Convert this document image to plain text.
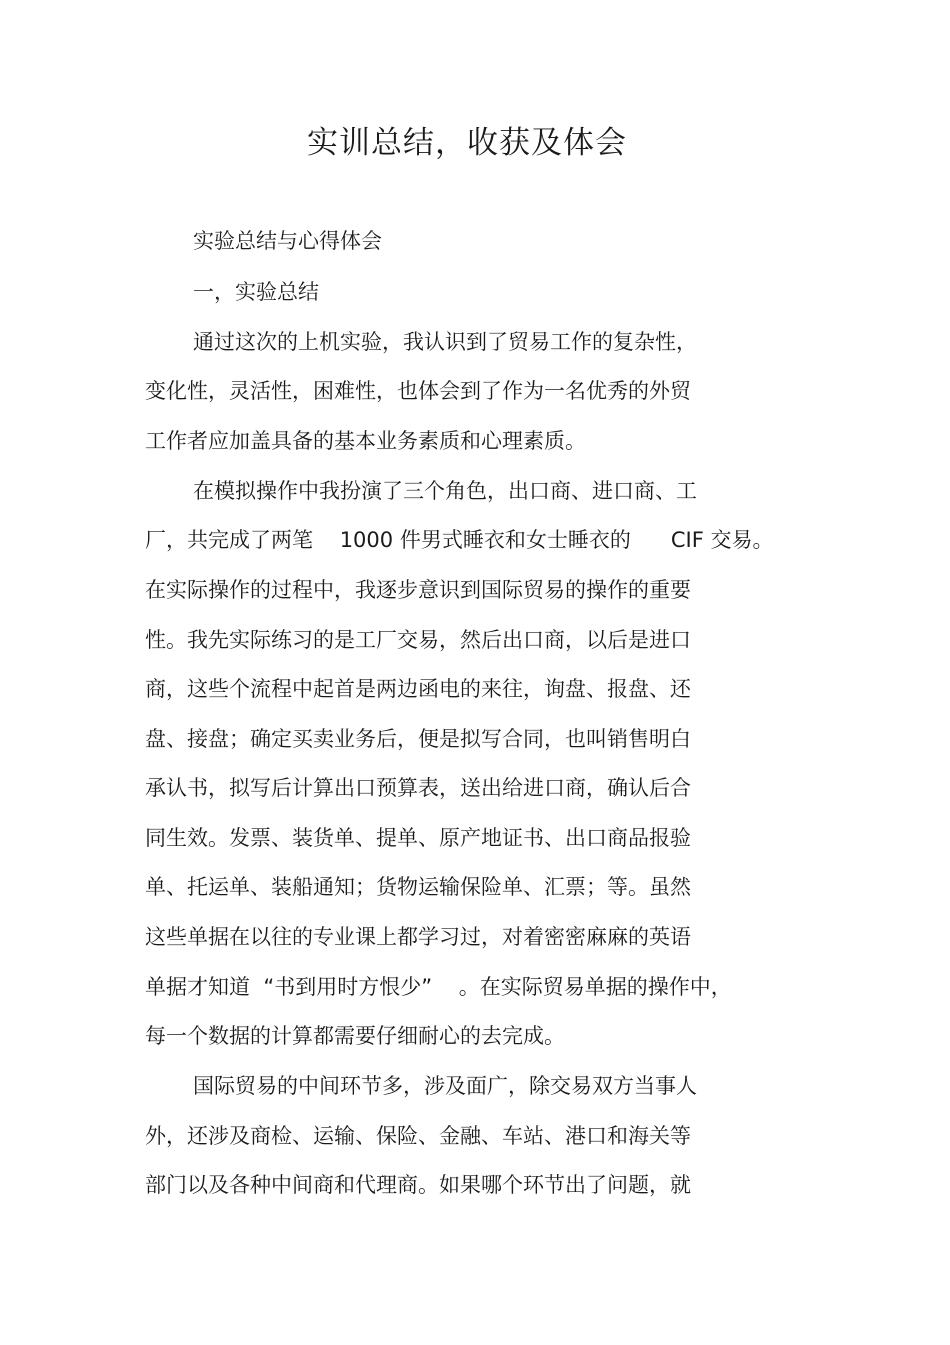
实训总结，收获及体会
实验总结与心得体会
一，实验总结
通过这次的上机实验，我认识到了贸易工作的复杂性，
变化性，灵活性，困难性，也体会到了作为一名优秀的外贸
工作者应加盖具备的基本业务素质和心理素质。
在模拟操作中我扮演了三个角色，出口商、进口商、工
厂，共完成了两笔    1000 件男式睡衣和女士睡衣的      CIF 交易。
在实际操作的过程中，我逐步意识到国际贸易的操作的重要
性。我先实际练习的是工厂交易，然后出口商，以后是进口
商，这些个流程中起首是两边函电的来往，询盘、报盘、还
盘、接盘；确定买卖业务后，便是拟写合同，也叫销售明白
承认书，拟写后计算出口预算表，送出给进口商，确认后合
同生效。发票、装货单、提单、原产地证书、出口商品报验
单、托运单、装船通知；货物运输保险单、汇票；等。虽然
这些单据在以往的专业课上都学习过，对着密密麻麻的英语
单据才知道  “书到用时方恨少”    。在实际贸易单据的操作中，
每一个数据的计算都需要仔细耐心的去完成。
国际贸易的中间环节多，涉及面广，除交易双方当事人
外，还涉及商检、运输、保险、金融、车站、港口和海关等
部门以及各种中间商和代理商。如果哪个环节出了问题，就
